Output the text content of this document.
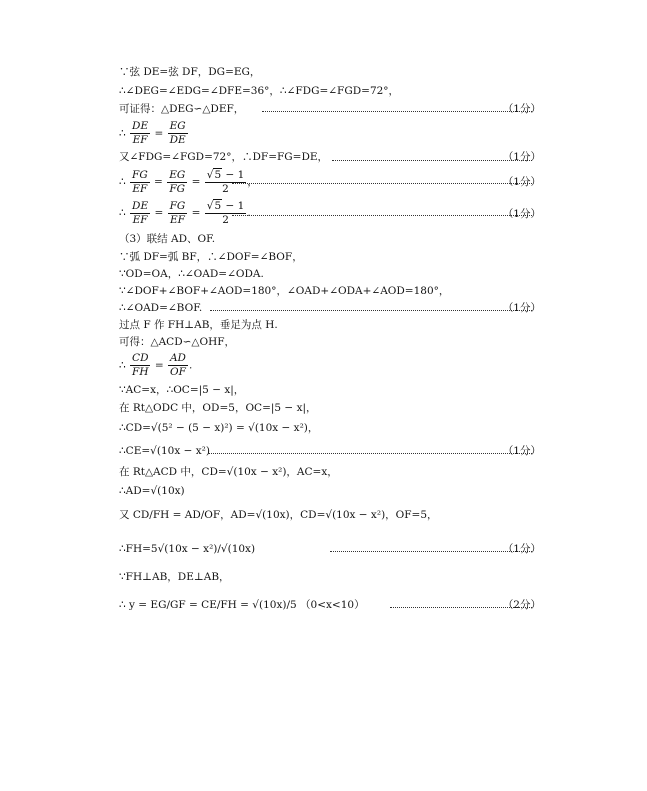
∵弦 DE=弦 DF，DG=EG，
∴∠DEG=∠EDG=∠DFE=36°，∴∠FDG=∠FGD=72°，
可证得：△DEG∽△DEF，	（1分）
∴ $\frac{DE}{EF} = \frac{EG}{DE}$
又∠FDG=∠FGD=72°，∴DF=FG=DE，	（1分）
∴ $\frac{FG}{EF} = \frac{EG}{FG}$ = √ $\frac{5 - 1}{2}$ ，	（1分）
∴ $\frac{DE}{EF} = \frac{FG}{EF}$ = √ $\frac{5 - 1}{2}$ .	（1分）
（3）联结 AD、OF.
∵弧 DF=弧 BF，∴∠DOF=∠BOF，
∵OD=OA，∴∠OAD=∠ODA.
∵∠DOF+∠BOF+∠AOD=180°，∠OAD+∠ODA+∠AOD=180°，
∴∠OAD=∠BOF.	（1分）
过点 F 作 FH⊥AB，垂足为点 H.
可得：△ACD∽△OHF，
∴ $\frac{CD}{FH} = \frac{AD}{OF}$ .
∵AC=x，∴OC=|5 − x|，
在 Rt△ODC 中，OD=5，OC=|5 − x|，
∴CD=√(5² − (5 − x)²) = √(10x − x²)，
∴CE=√(10x − x²)	（1分）
在 Rt△ACD 中，CD=√(10x − x²)，AC=x，
∴AD=√(10x)
又 CD/FH = AD/OF，AD=√(10x)，CD=√(10x − x²)，OF=5，
∴FH=5√(10x − x²)/√(10x)	（1分）
∵FH⊥AB，DE⊥AB，
∴ y = EG/GF = CE/FH = √(10x)/5 （0<x<10）	（2分）
